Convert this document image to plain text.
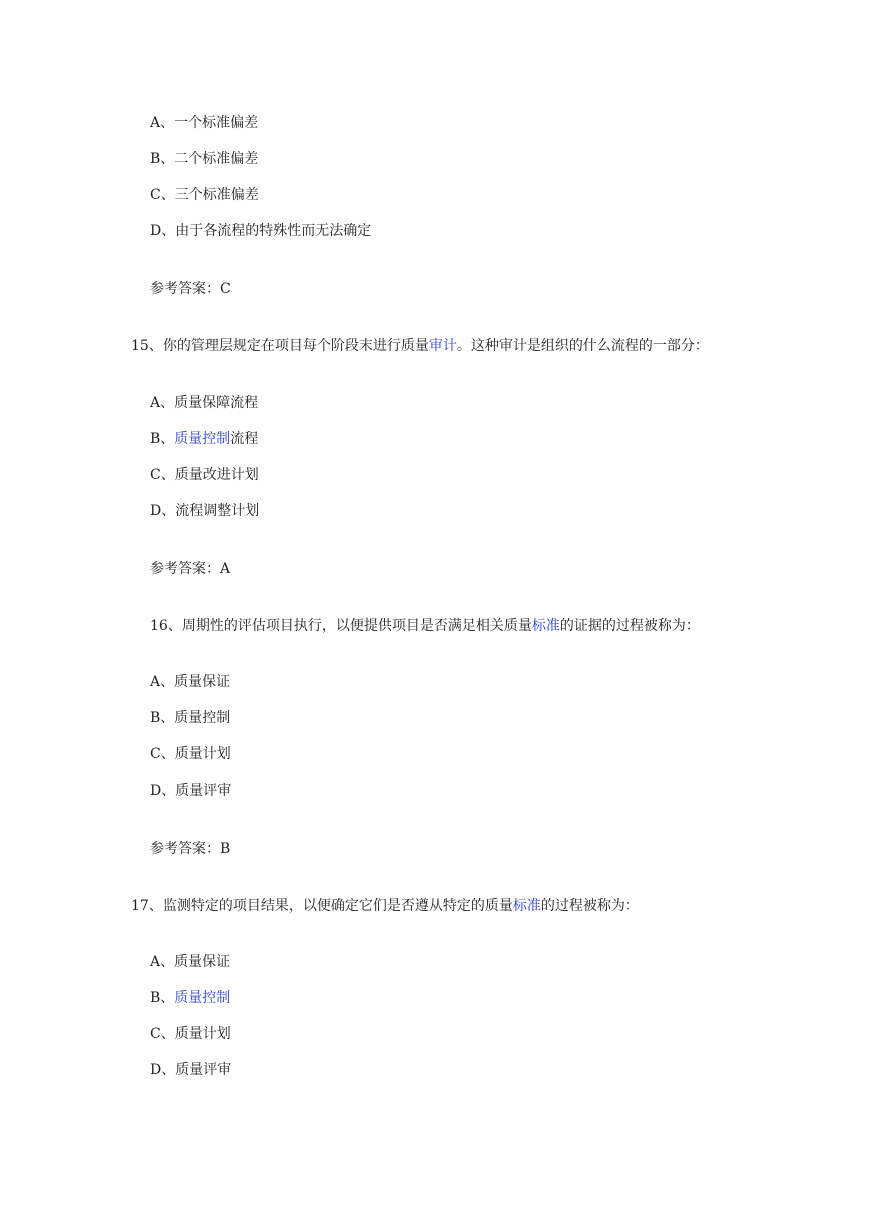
A、一个标准偏差
B、二个标准偏差
C、三个标准偏差
D、由于各流程的特殊性而无法确定
参考答案：C
15、你的管理层规定在项目每个阶段末进行质量审计。这种审计是组织的什么流程的一部分：
A、质量保障流程
B、质量控制流程
C、质量改进计划
D、流程调整计划
参考答案：A
16、周期性的评估项目执行，以便提供项目是否满足相关质量标准的证据的过程被称为：
A、质量保证
B、质量控制
C、质量计划
D、质量评审
参考答案：B
17、监测特定的项目结果，以便确定它们是否遵从特定的质量标准的过程被称为：
A、质量保证
B、质量控制
C、质量计划
D、质量评审
